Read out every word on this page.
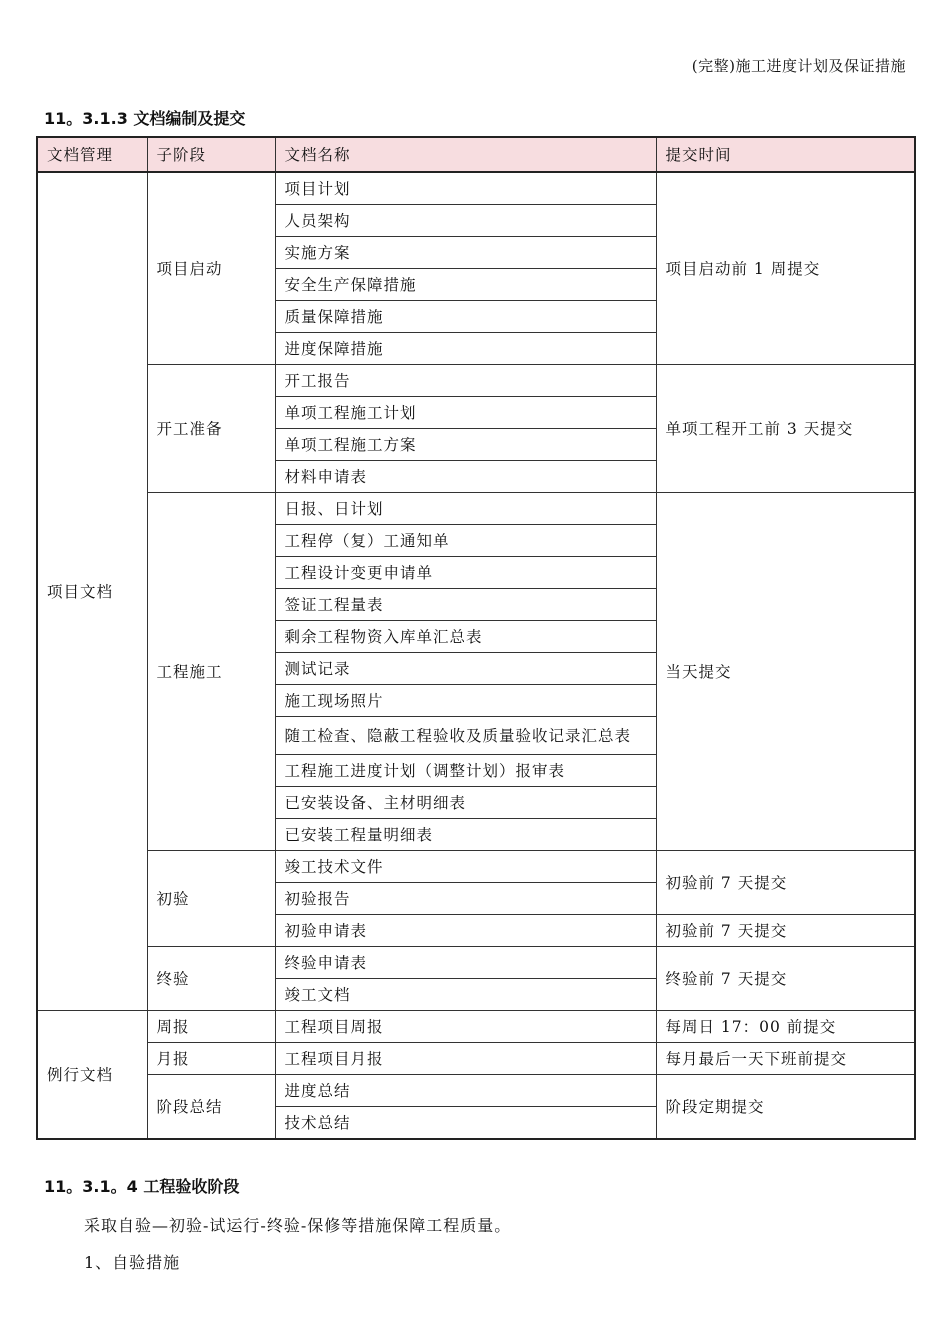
(完整)施工进度计划及保证措施
11。3.1.3 文档编制及提交
文档管理	子阶段	文档名称	提交时间
项目文档	项目启动	项目计划	项目启动前 1 周提交
		人员架构	
		实施方案	
		安全生产保障措施	
		质量保障措施	
		进度保障措施	
	开工准备	开工报告	单项工程开工前 3 天提交
		单项工程施工计划	
		单项工程施工方案	
		材料申请表	
	工程施工	日报、日计划	当天提交
		工程停（复）工通知单	
		工程设计变更申请单	
		签证工程量表	
		剩余工程物资入库单汇总表	
		测试记录	
		施工现场照片	
		随工检查、隐蔽工程验收及质量验收记录汇总表	
		工程施工进度计划（调整计划）报审表	
		已安装设备、主材明细表	
		已安装工程量明细表	
	初验	竣工技术文件	初验前 7 天提交
		初验报告	
		初验申请表	初验前 7 天提交
	终验	终验申请表	终验前 7 天提交
		竣工文档	
例行文档	周报	工程项目周报	每周日 17：00 前提交
	月报	工程项目月报	每月最后一天下班前提交
	阶段总结	进度总结	阶段定期提交
		技术总结	
11。3.1。4 工程验收阶段
采取自验—初验-试运行-终验-保修等措施保障工程质量。
1、自验措施
